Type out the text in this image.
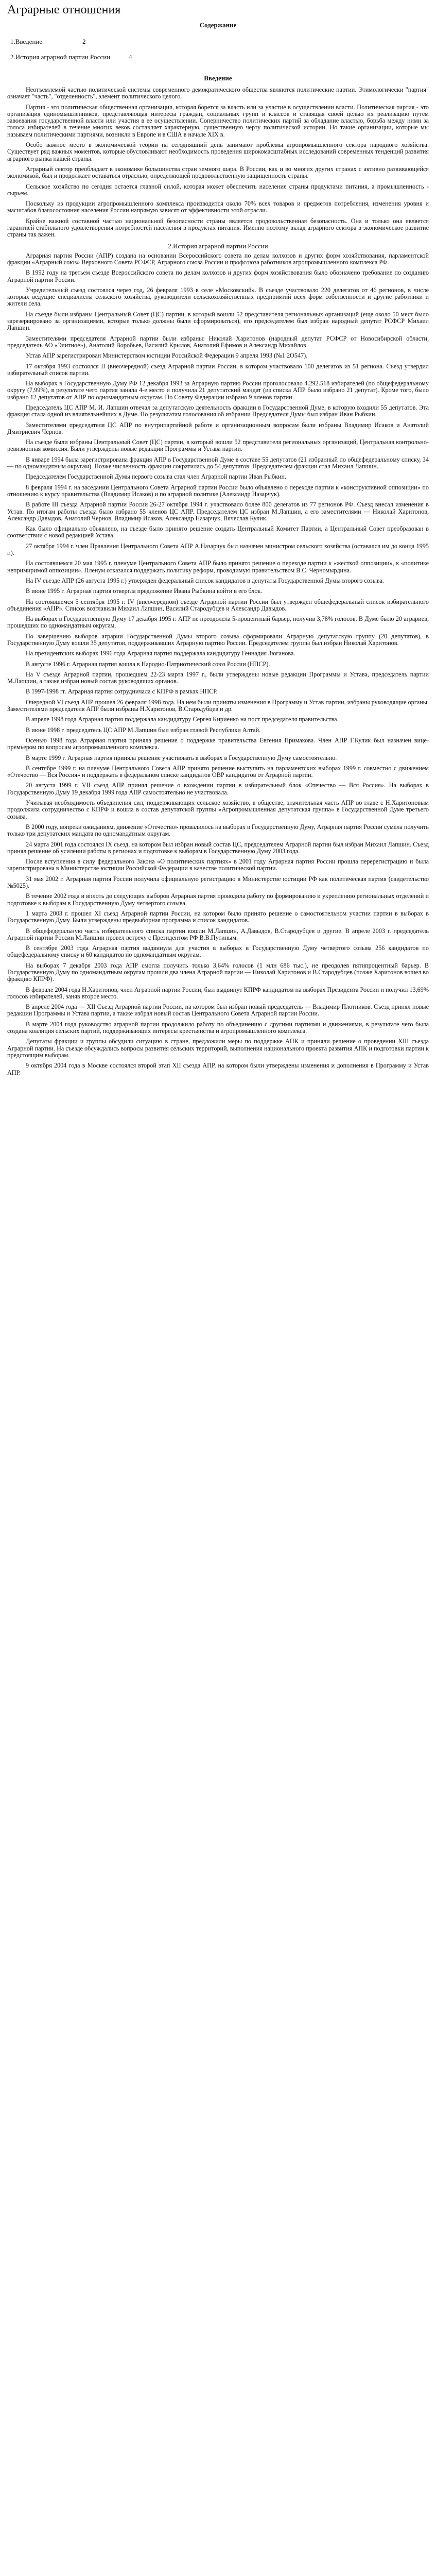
Аграрные отношения
Содержание
1.Введение	2
2.История аграрной партии России	4
Введение

Неотъемлемой частью политической системы современного демократического общества являются политические партии. Этимологически "партия" означает "часть", "отделенность", элемент политического целого.

Партия - это политическая общественная организация, которая борется за власть или за участие в осуществлении власти. Политическая партия - это организация единомышленников, представляющая интересы граждан, социальных групп и классов и ставящая своей целью их реализацию путем завоевания государственной власти или участия в ее осуществлении. Соперничество политических партий за обладание властью, борьба между ними за голоса избирателей в течение многих веков составляет характерную, существенную черту политической истории. Но такие организации, которые мы называем политическими партиями, возникли в Европе и в США в начале XIX в.

Особо важное место в экономической теории на сегодняшний день занимают проблемы агропромышленного сектора народного хозяйства. Существует ряд важных моментов, которые обусловливают необходимость проведения широкомасштабных исследований современных тенденций развития аграрного рынка нашей страны.

Аграрный сектор преобладает в экономике большинства стран земного шара. В России, как и во многих других странах с активно развивающейся экономикой, был и продолжает оставаться отраслью, определяющей продовольственную защищенность страны.

Сельское хозяйство по сегодня остается главной силой, которая может обеспечить население страны продуктами питания, а промышленность - сырьем.

Поскольку из продукции агропромышленного комплекса производится около 70% всех товаров и предметов потребления, изменения уровня и масштабов благосостояния населения России напрямую зависят от эффективности этой отрасли.

Крайне важной составной частью национальной безопасности страны является продовольственная безопасность. Она и только она является гарантией стабильного удовлетворения потребностей населения в продуктах питания. Именно поэтому вклад аграрного сектора в экономическое развитие страны так важен.

2.История аграрной партии России

Аграрная партия России (АПР) создана на основании Всероссийского совета по делам колхозов и других форм хозяйствования, парламентской фракции «Аграрный союз» Верховного Совета РСФСР, Аграрного союза России и профсоюза работников агропромышленного комплекса РФ.

В 1992 году на третьем съезде Всероссийского совета по делам колхозов и других форм хозяйствования было обозначено требование по созданию Аграрной партии России.

Учредительный съезд состоялся через год, 26 февраля 1993 в селе «Московский». В съезде участвовало 220 делегатов от 46 регионов, в числе которых ведущие специалисты сельского хозяйства, руководители сельскохозяйственных предприятий всех форм собственности и другие работники и жители села.

На съезде были избраны Центральный Совет (ЦС) партии, в который вошли 52 представителя региональных организаций (еще около 50 мест было зарезервировано за организациями, которые только должны были сформироваться), его председателем был избран народный депутат РСФСР Михаил Лапшин.

Заместителями председателя Аграрной партии были избраны: Николай Харитонов (народный депутат РСФСР от Новосибирской области, председатель АО «Элитное»), Анатолий Воробьев, Василий Крылов, Анатолий Ефимов и Александр Михайлов.

Устав АПР зарегистрирован Министерством юстиции Российской Федерации 9 апреля 1993 (№1 2О547).

17 октября 1993 состоялся II (внеочередной) съезд Аграрной партии России, в котором участвовало 100 делегатов из 51 региона. Съезд утвердил избирательный список партии.

На выборах в Государственную Думу РФ 12 декабря 1993 за Аграрную партию России проголосовало 4.292.518 избирателей (по общефедеральному округу (7,99%), в результате чего партия заняла 4-е место и получила 21 депутатский мандат (из списка АПР было избрано 21 депутат). Кроме того, было избрано 12 депутатов от АПР по одномандатным округам. По Совету Федерации избрано 9 членов партии.

Председатель ЦС АПР М. И. Лапшин отвечал за депутатскую деятельность фракции в Государственной Думе, в которую входили 55 депутатов. Эта фракция стала одной из влиятельнейших в Думе. По результатам голосования об избрании Председателя Думы был избран Иван Рыбкин.

Заместителями председателя ЦС АПР по внутрипартийной работе и организационным вопросам были избраны Владимир Исаков и Анатолий Дмитриевич Чернов.

На съезде были избраны Центральный Совет (ЦС) партии, в который вошли 52 представителя региональных организаций, Центральная контрольно-ревизионная комиссия. Были утверждены новые редакции Программы и Устава партии.

В январе 1994 была зарегистрирована фракция АПР в Государственной Думе в составе 55 депутатов (21 избранный по общефедеральному списку, 34 — по одномандатным округам). Позже численность фракции сократилась до 54 депутатов. Председателем фракции стал Михаил Лапшин.

Председателем Государственной Думы первого созыва стал член Аграрной партии Иван Рыбкин.

8 февраля 1994 г. на заседании Центрального Совета Аграрной партии России было объявлено о переходе партии к «конструктивной оппозиции» по отношению к курсу правительства (Владимир Исаков) и по аграрной политике (Александр Назарчук).

В работе III съезда Аграрной партии России 26-27 октября 1994 г. участвовало более 800 делегатов из 77 регионов РФ. Съезд внесал изменения в Устав. По итогам работы съезда было избрано 55 членов ЦС АПР. Председателем ЦС избран М.Лапшин, а его заместителями — Николай Харитонов, Александр Давыдов, Анатолий Чернов, Владимир Исаков, Александр Назарчук, Вячеслав Кулик.

Как было официально объявлено, на съезде было принято решение создать Центральный Комитет Партии, а Центральный Совет преобразован в соответствии с новой редакцией Устава.

27 октября 1994 г. член Правления Центрального Совета АПР А.Назарчук был назначен министром сельского хозяйства (оставался им до конца 1995 г.).

На состоявшемся 20 мая 1995 г. пленуме Центрального Совета АПР было принято решение о переходе партии к «жесткой оппозиции», к «политике непримиримой оппозиции». Пленум отказался поддержать политику реформ, проводимую правительством В.С. Черномырдина.

На IV съезде АПР (26 августа 1995 г.) утвержден федеральный список кандидатов в депутаты Государственной Думы второго созыва.

В июне 1995 г. Аграрная партия отвергла предложение Ивана Рыбкина войти в его блок.

На состоявшемся 5 сентября 1995 г. IV (внеочередном) съезде Аграрной партии России был утвержден общефедеральный список избирательного объединения «АПР». Список возглавили Михаил Лапшин, Василий Стародубцев и Александр Давыдов.

На выборах в Государственную Думу 17 декабря 1995 г. АПР не преодолела 5-процентный барьер, получив 3,78% голосов. В Думе было 20 аграриев, прошедших по одномандатным округам.

По завершению выборов аграрии Государственной Думы второго созыва сформировали Аграрную депутатскую группу (20 депутатов), в Государственную Думу вошли 35 депутатов, поддерживавших Аграрную партию России. Председателем группы был избран Николай Харитонов.

На президентских выборах 1996 года Аграрная партия поддержала кандидатуру Геннадия Зюганова.

В августе 1996 г. Аграрная партия вошла в Народно-Патриотический союз России (НПСР).

На V съезде Аграрной партии, прошедшем 22-23 марта 1997 г., были утверждены новые редакции Программы и Устава, председатель партии М.Лапшин, а также избран новый состав руководящих органов.

В 1997-1998 гг. Аграрная партия сотрудничала с КПРФ в рамках НПСР.

Очередной VI съезд АПР прошел 26 февраля 1998 года. На нем были приняты изменения в Программу и Устав партии, избраны руководящие органы. Заместителями председателя АПР были избраны Н.Харитонов, В.Стародубцев и др.

В апреле 1998 года Аграрная партия поддержала кандидатуру Сергея Кириенко на пост председателя правительства.

В июне 1998 г. председатель ЦС АПР М.Лапшин был избран главой Республики Алтай.

Осенью 1998 года Аграрная партия приняла решение о поддержке правительства Евгения Примакова. Член АПР Г.Кулик был назначен вице-премьером по вопросам агропромышленного комплекса.

В марте 1999 г. Аграрная партия приняла решение участвовать в выборах в Государственную Думу самостоятельно.

В сентябре 1999 г. на пленуме Центрального Совета АПР принято решение выступить на парламентских выборах 1999 г. совместно с движением «Отечество — Вся Россия» и поддержать в федеральном списке кандидатов ОВР кандидатов от Аграрной партии.

20 августа 1999 г. VII съезд АПР принял решение о вхождении партии в избирательный блок «Отечество — Вся Россия». На выборах в Государственную Думу 19 декабря 1999 года АПР самостоятельно не участвовала.

Учитывая необходимость объединения сил, поддерживающих сельское хозяйство, в обществе, значительная часть АПР во главе с Н.Харитоновым продолжила сотрудничество с КПРФ и вошла в состав депутатской группы «Агропромышленная депутатская группа» в Государственной Думе третьего созыва.

В 2000 году, вопреки ожиданиям, движение «Отечество» провалилось на выборах в Государственную Думу, Аграрная партия России сумела получить только три депутатских мандата по одномандатным округам.

24 марта 2001 года состоялся IX съезд, на котором был избран новый состав ЦС, председателем Аграрной партии был избран Михаил Лапшин. Съезд принял решение об усилении работы в регионах и подготовке к выборам в Государственную Думу 2003 года.

После вступления в силу федерального Закона «О политических партиях» в 2001 году Аграрная партия России прошла перерегистрацию и была зарегистрирована в Министерстве юстиции Российской Федерации в качестве политической партии.

31 мая 2002 г. Аграрная партия России получила официальную регистрацию в Министерстве юстиции РФ как политическая партия (свидетельство №5025).

В течение 2002 года и вплоть до следующих выборов Аграрная партия проводила работу по формированию и укреплению региональных отделений и подготовке к выборам в Государственную Думу четвертого созыва.

1 марта 2003 г. прошел XI съезд Аграрной партии России, на котором было принято решение о самостоятельном участии партии в выборах в Государственную Думу. Были утверждены предвыборная программа и список кандидатов.

В общефедеральную часть избирательного списка партии вошли М.Лапшин, А.Давыдов, В.Стародубцев и другие. В апреле 2003 г. председатель Аграрной партии России М.Лапшин провел встречу с Президентом РФ В.В.Путиным.

В сентябре 2003 года Аграрная партия выдвинула для участия в выборах в Государственную Думу четвертого созыва 256 кандидатов по общефедеральному списку и 60 кандидатов по одномандатным округам.

На выборах 7 декабря 2003 года АПР смогла получить только 3,64% голосов (1 млн 686 тыс.), не преодолев пятипроцентный барьер. В Государственную Думу по одномандатным округам прошли два члена Аграрной партии — Николай Харитонов и В.Стародубцев (позже Харитонов вошел во фракцию КПРФ).

В феврале 2004 года Н.Харитонов, член Аграрной партии России, был выдвинут КПРФ кандидатом на выборах Президента России и получил 13,69% голосов избирателей, заняв второе место.

В апреле 2004 года — XII Съезд Аграрной партии России, на котором был избран новый председатель — Владимир Плотников. Съезд принял новые редакции Программы и Устава партии, а также избрал новый состав Центрального Совета Аграрной партии России.

В марте 2004 года руководство аграрной партии продолжило работу по объединению с другими партиями и движениями, в результате чего была создана коалиция сельских партий, поддерживающих интересы крестьянства и агропромышленного комплекса.

Депутаты фракции и группы обсудили ситуацию в стране, предложили меры по поддержке АПК и приняли решение о проведении XIII съезда Аграрной партии. На съезде обсуждались вопросы развития сельских территорий, выполнения национального проекта развития АПК и подготовки партии к предстоящим выборам.

9 октября 2004 года в Москве состоялся второй этап XII съезда АПР, на котором были утверждены изменения и дополнения в Программу и Устав АПР.
